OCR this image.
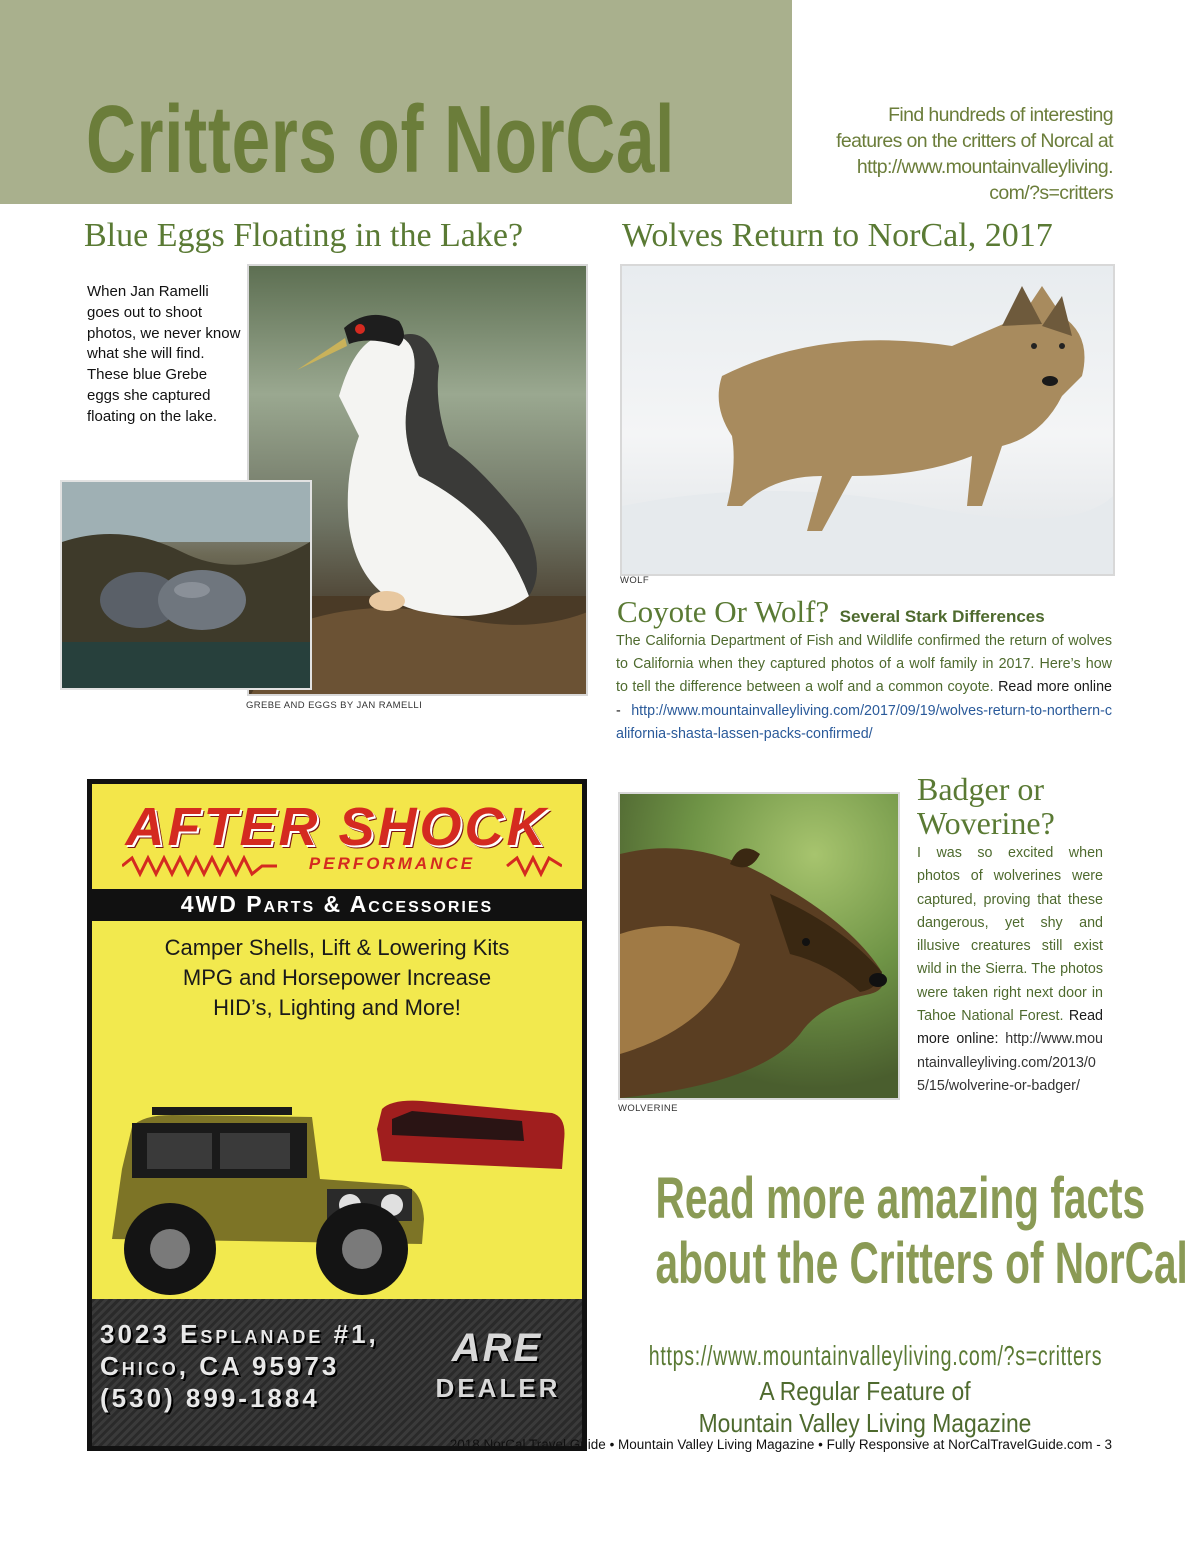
Critters of NorCal	Find hundreds of interesting
features on the critters of Norcal at
http://www.mountainvalleyliving.
com/?s=critters
Blue Eggs Floating in the Lake?	Wolves Return to NorCal, 2017
GREBE AND EGGS BY JAN RAMELLI
When Jan Ramelli goes out to shoot photos, we never know what she will find. These blue Grebe eggs she captured floating on the lake.
WOLF
Coyote Or Wolf? Several Stark Differences
The California Department of Fish and Wildlife confirmed the return of wolves to California when they captured photos of a wolf family in 2017. Here’s how to tell the difference between a wolf and a common coyote. Read more online - http://www.mountainvalleyliving.com/2017/09/19/wolves-return-to-northern-california-shasta-lassen-packs-confirmed/
WOLVERINE
Badger or Woverine?
I was so excited when photos of wolverines were captured, proving that these dangerous, yet shy and illusive creatures still exist wild in the Sierra. The photos were taken right next door in Tahoe National Forest. Read more online: http://www.mountainvalleyliving.com/2013/05/15/wolverine-or-badger/
AFTER SHOCK
PERFORMANCE
4WD Parts & Accessories
Camper Shells, Lift & Lowering Kits
MPG and Horsepower Increase
HID’s, Lighting and More!
3023 Esplanade #1,
Chico, CA 95973
(530) 899-1884
ARE
DEALER
Read more amazing facts
about the Critters of NorCal
https://www.mountainvalleyliving.com/?s=critters
A Regular Feature of
Mountain Valley Living Magazine
2018 NorCal Travel Guide • Mountain Valley Living Magazine • Fully Responsive at NorCalTravelGuide.com - 3
